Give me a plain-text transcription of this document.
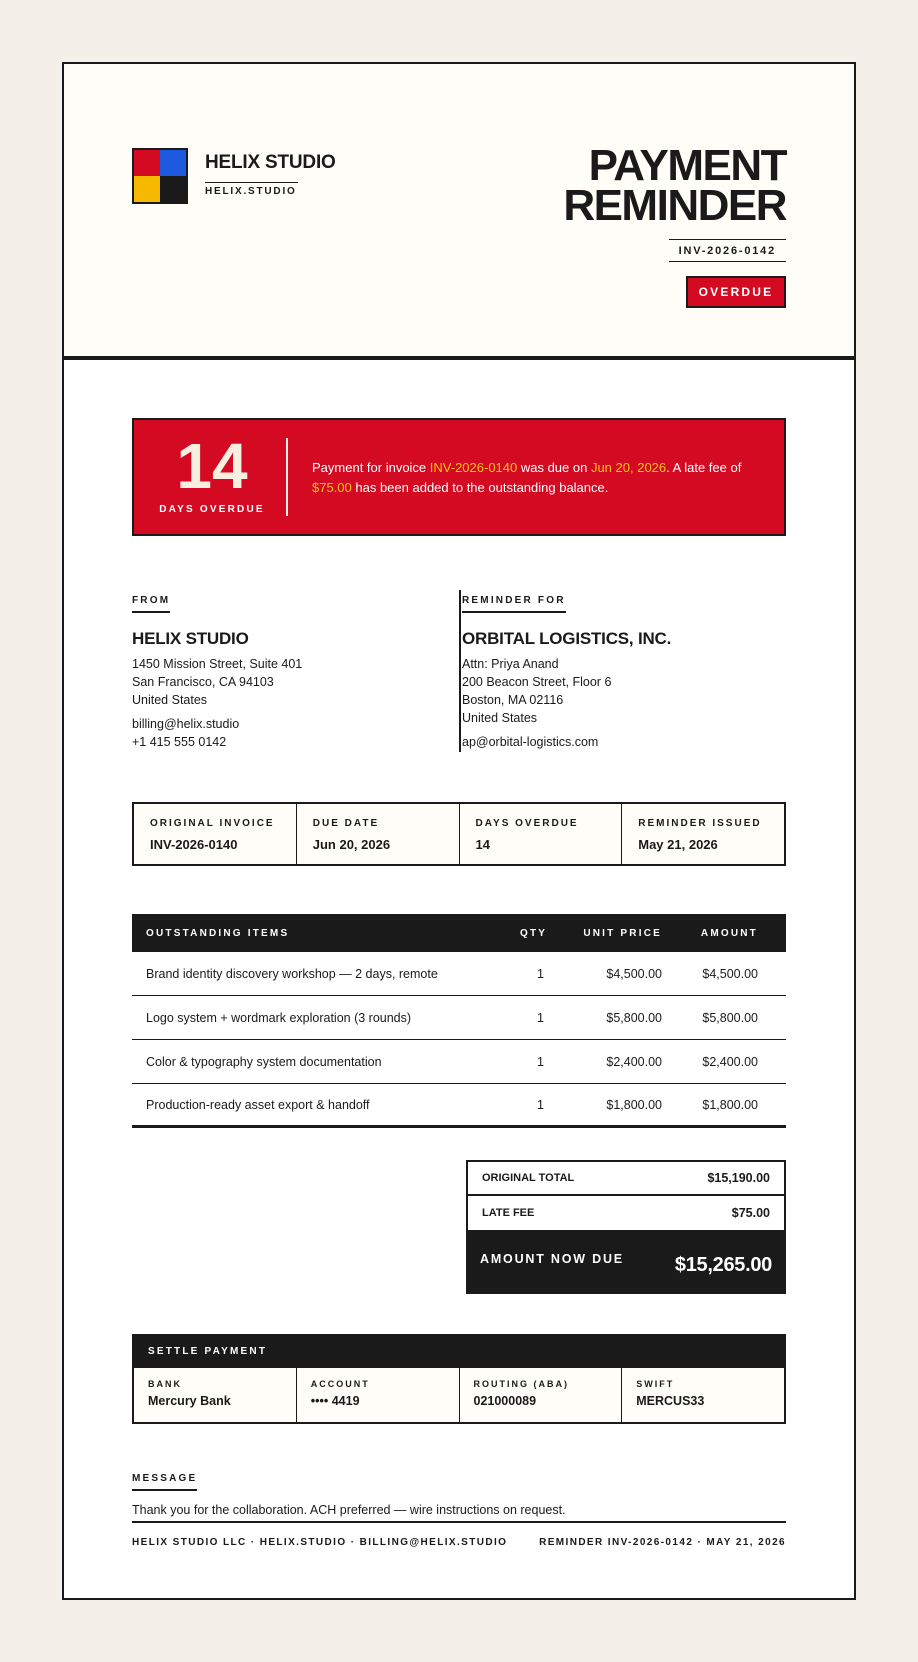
HELIX STUDIO
HELIX.STUDIO
PAYMENT
REMINDER
INV-2026-0142
OVERDUE
14
DAYS OVERDUE
Payment for invoice INV-2026-0140 was due on Jun 20, 2026. A late fee of $75.00 has been added to the outstanding balance.
FROM
HELIX STUDIO
1450 Mission Street, Suite 401
San Francisco, CA 94103
United States
billing@helix.studio
+1 415 555 0142
REMINDER FOR
ORBITAL LOGISTICS, INC.
Attn: Priya Anand
200 Beacon Street, Floor 6
Boston, MA 02116
United States
ap@orbital-logistics.com
ORIGINAL INVOICE
INV-2026-0140
DUE DATE
Jun 20, 2026
DAYS OVERDUE
14
REMINDER ISSUED
May 21, 2026
OUTSTANDING ITEMS	QTY	UNIT PRICE	AMOUNT
Brand identity discovery workshop — 2 days, remote	1	$4,500.00	$4,500.00
Logo system + wordmark exploration (3 rounds)	1	$5,800.00	$5,800.00
Color & typography system documentation	1	$2,400.00	$2,400.00
Production-ready asset export & handoff	1	$1,800.00	$1,800.00
ORIGINAL TOTAL	$15,190.00
LATE FEE	$75.00
AMOUNT NOW DUE	$15,265.00
SETTLE PAYMENT
BANK
Mercury Bank
ACCOUNT
•••• 4419
ROUTING (ABA)
021000089
SWIFT
MERCUS33
MESSAGE
Thank you for the collaboration. ACH preferred — wire instructions on request.
HELIX STUDIO LLC · HELIX.STUDIO · BILLING@HELIX.STUDIO	REMINDER INV-2026-0142 · MAY 21, 2026
